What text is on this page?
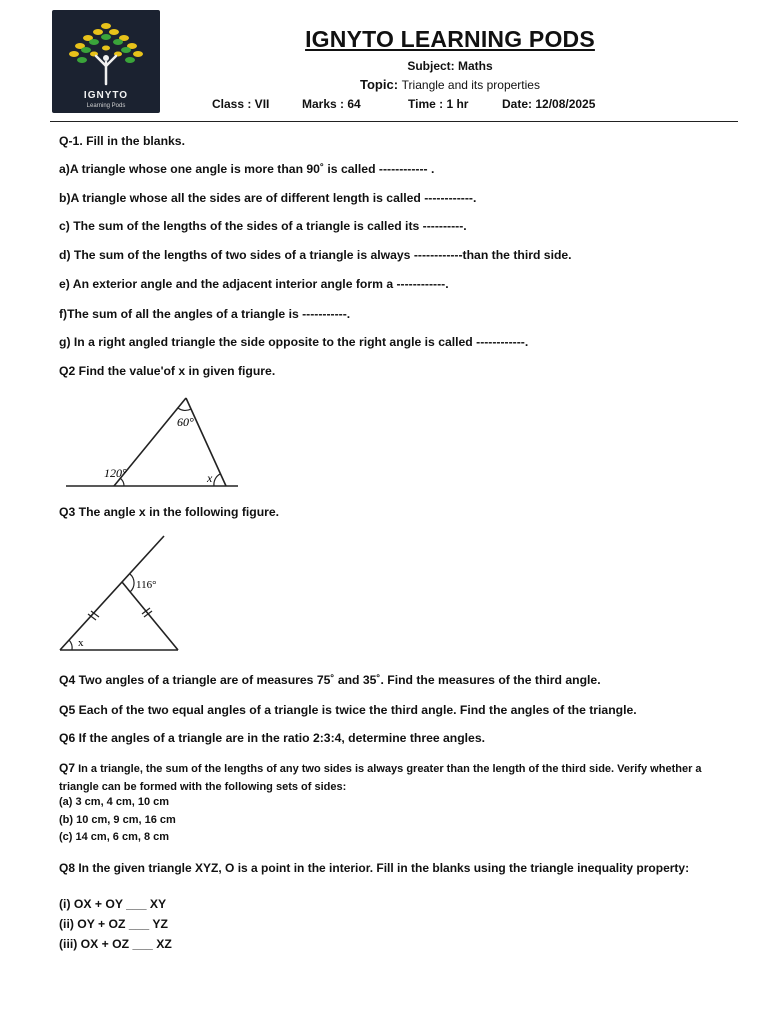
IGNYTO
Learning Pods
IGNYTO LEARNING PODS
Subject: Maths
Topic: Triangle and its properties
Class : VII	Marks : 64	Time : 1 hr	Date: 12/08/2025
Q-1. Fill in the blanks.
a)A triangle whose one angle is more than 90˚ is called ------------ .
b)A triangle whose all the sides are of different length is called ------------.
c) The sum of the lengths of the sides of a triangle is called its ----------.
d) The sum of the lengths of two sides of a triangle is always ------------than the third side.
e) An exterior angle and the adjacent interior angle form a ------------.
f)The sum of all the angles of a triangle is -----------.
g) In a right angled triangle the side opposite to the right angle is called ------------.
Q2 Find the value'of x in given figure.
60°
120°	x
Q3 The angle x in the following figure.
116°
x
Q4 Two angles of a triangle are of measures 75˚ and 35˚. Find the measures of the third angle.
Q5 Each of the two equal angles of a triangle is twice the third angle. Find the angles of the triangle.
Q6 If the angles of a triangle are in the ratio 2:3:4, determine three angles.
Q7 In a triangle, the sum of the lengths of any two sides is always greater than the length of the third side. Verify whether a triangle can be formed with the following sets of sides:
(a) 3 cm, 4 cm, 10 cm
(b) 10 cm, 9 cm, 16 cm
(c) 14 cm, 6 cm, 8 cm
Q8 In the given triangle XYZ, O is a point in the interior. Fill in the blanks using the triangle inequality property:
(i) OX + OY ___ XY
(ii) OY + OZ ___ YZ
(iii) OX + OZ ___ XZ
